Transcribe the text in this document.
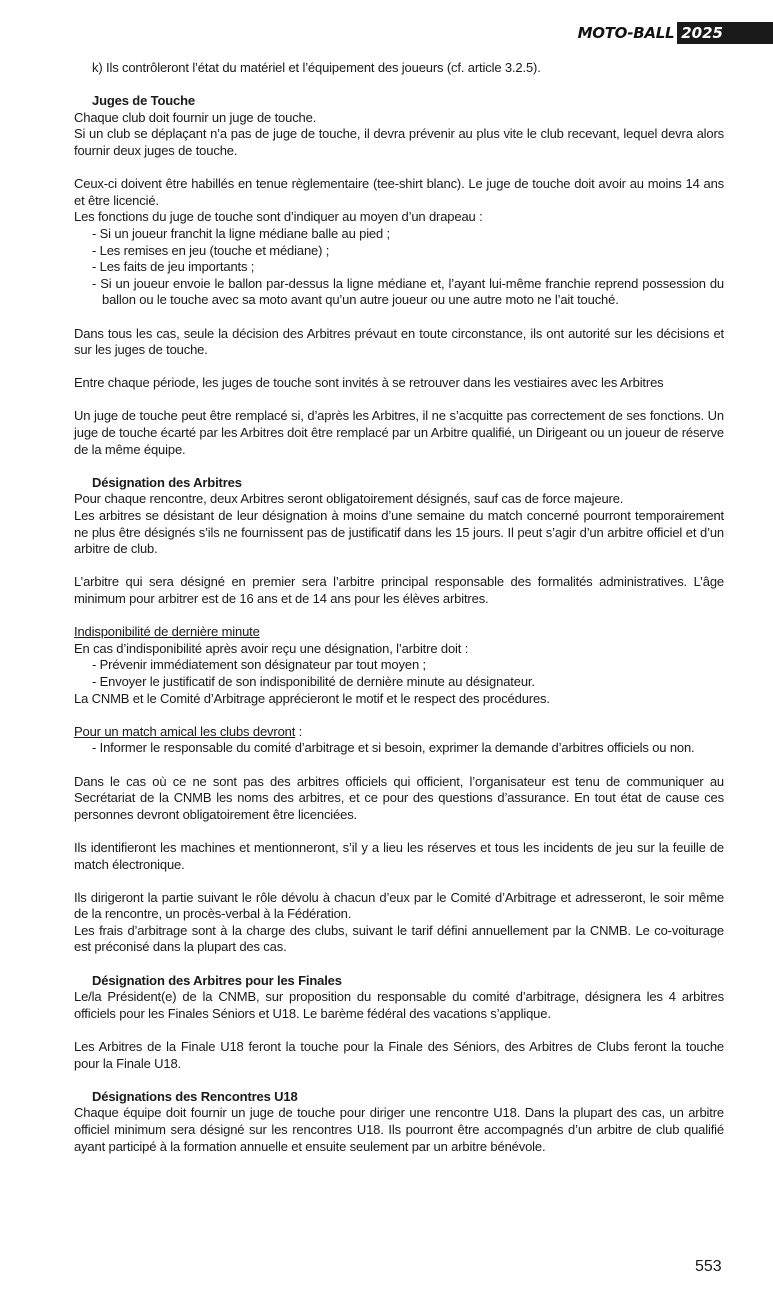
MOTO-BALL 2025

k) Ils contrôleront l’état du matériel et l’équipement des joueurs (cf. article 3.2.5).

Juges de Touche

Chaque club doit fournir un juge de touche.

Si un club se déplaçant n’a pas de juge de touche, il devra prévenir au plus vite le club recevant, lequel devra alors fournir deux juges de touche.

Ceux-ci doivent être habillés en tenue règlementaire (tee-shirt blanc). Le juge de touche doit avoir au moins 14 ans et être licencié.

Les fonctions du juge de touche sont d’indiquer au moyen d’un drapeau :

- Si un joueur franchit la ligne médiane balle au pied ;

- Les remises en jeu (touche et médiane) ;

- Les faits de jeu importants ;

- Si un joueur envoie le ballon par-dessus la ligne médiane et, l’ayant lui-même franchie reprend possession du ballon ou le touche avec sa moto avant qu’un autre joueur ou une autre moto ne l’ait touché.

Dans tous les cas, seule la décision des Arbitres prévaut en toute circonstance, ils ont autorité sur les décisions et sur les juges de touche.

Entre chaque période, les juges de touche sont invités à se retrouver dans les vestiaires avec les Arbitres

Un juge de touche peut être remplacé si, d’après les Arbitres, il ne s’acquitte pas correctement de ses fonctions. Un juge de touche écarté par les Arbitres doit être remplacé par un Arbitre qualifié, un Dirigeant ou un joueur de réserve de la même équipe.

Désignation des Arbitres

Pour chaque rencontre, deux Arbitres seront obligatoirement désignés, sauf cas de force majeure.

Les arbitres se désistant de leur désignation à moins d’une semaine du match concerné pourront temporairement ne plus être désignés s’ils ne fournissent pas de justificatif dans les 15 jours. Il peut s’agir d’un arbitre officiel et d’un arbitre de club.

L’arbitre qui sera désigné en premier sera l’arbitre principal responsable des formalités administratives. L’âge minimum pour arbitrer est de 16 ans et de 14 ans pour les élèves arbitres.

Indisponibilité de dernière minute

En cas d’indisponibilité après avoir reçu une désignation, l’arbitre doit :

- Prévenir immédiatement son désignateur par tout moyen ;

- Envoyer le justificatif de son indisponibilité de dernière minute au désignateur.

La CNMB et le Comité d’Arbitrage apprécieront le motif et le respect des procédures.

Pour un match amical les clubs devront :

- Informer le responsable du comité d’arbitrage et si besoin, exprimer la demande d’arbitres officiels ou non.

Dans le cas où ce ne sont pas des arbitres officiels qui officient, l’organisateur est tenu de communiquer au Secrétariat de la CNMB les noms des arbitres, et ce pour des questions d’assurance. En tout état de cause ces personnes devront obligatoirement être licenciées.

Ils identifieront les machines et mentionneront, s’il y a lieu les réserves et tous les incidents de jeu sur la feuille de match électronique.

Ils dirigeront la partie suivant le rôle dévolu à chacun d’eux par le Comité d’Arbitrage et adresseront, le soir même de la rencontre, un procès-verbal à la Fédération.

Les frais d’arbitrage sont à la charge des clubs, suivant le tarif défini annuellement par la CNMB. Le co-voiturage est préconisé dans la plupart des cas.

Désignation des Arbitres pour les Finales

Le/la Président(e) de la CNMB, sur proposition du responsable du comité d’arbitrage, désignera les 4 arbitres officiels pour les Finales Séniors et U18. Le barème fédéral des vacations s’applique.

Les Arbitres de la Finale U18 feront la touche pour la Finale des Séniors, des Arbitres de Clubs feront la touche pour la Finale U18.

Désignations des Rencontres U18

Chaque équipe doit fournir un juge de touche pour diriger une rencontre U18. Dans la plupart des cas, un arbitre officiel minimum sera désigné sur les rencontres U18. Ils pourront être accompagnés d’un arbitre de club qualifié ayant participé à la formation annuelle et ensuite seulement par un arbitre bénévole.

553
